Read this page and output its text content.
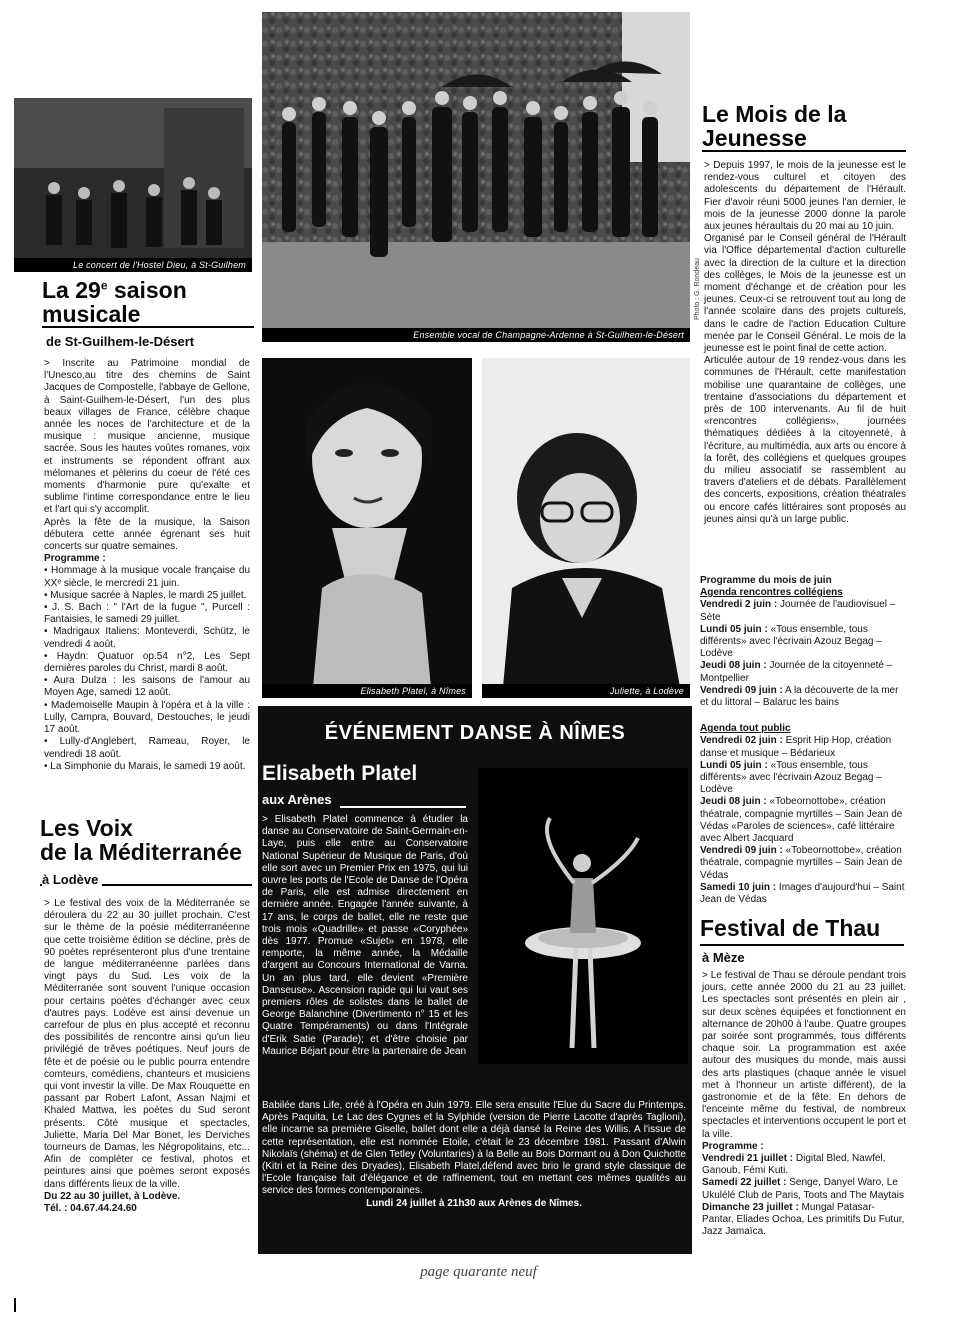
Ensemble vocal de Champagne-Ardenne à St-Guilhem-le-Désert
Photo : G. Rondeau
Le concert de l'Hostel Dieu, à St-Guilhem
La 29e saison
musicale
de St-Guilhem-le-Désert

> Inscrite au Patrimoine mondial de l'Unesco,au titre des chemins de Saint Jacques de Compostelle, l'abbaye de Gellone, à Saint-Guilhem-le-Désert, l'un des plus beaux villages de France, célèbre chaque année les noces de l'architecture et de la musique : musique ancienne, musique sacrée. Sous les hautes voûtes romanes, voix et instruments se répondent offrant aux mélomanes et pèlerins du coeur de l'été ces moments d'harmonie pure qu'exalte et sublime l'intime correspondance entre le lieu et l'art qui s'y accomplit.

Après la fête de la musique, la Saison débutera cette année égrenant ses huit concerts sur quatre semaines.

Programme :

• Hommage à la musique vocale française du XXᵉ siècle, le mercredi 21 juin.
• Musique sacrée à Naples, le mardi 25 juillet.
• J. S. Bach : " l'Art de la fugue ", Purcell : Fantaisies, le samedi 29 juillet.
• Madrigaux Italiens: Monteverdi, Schütz, le vendredi 4 août.
• Haydn: Quatuor op.54 n°2, Les Sept dernières paroles du Christ, mardi 8 août.
• Aura Dulza : les saisons de l'amour au Moyen Age, samedi 12 août.
• Mademoiselle Maupin à l'opéra et à la ville : Lully, Campra, Bouvard, Destouches, le jeudi 17 août.
• Lully-d'Anglebert, Rameau, Royer, le vendredi 18 août.
• La Simphonie du Marais, le samedi 19 août.
Les Voix
de la Méditerranée
à Lodève

> Le festival des voix de la Méditerranée se déroulera du 22 au 30 juillet prochain. C'est sur le thème de la poésie méditerranéenne que cette troisième édition se décline, près de 90 poètes représenteront plus d'une trentaine de langue méditerranéenne parlées dans vingt pays du Sud. Les voix de la Méditerranée sont souvent l'unique occasion pour certains poètes d'échanger avec ceux d'autres pays. Lodève est ainsi devenue un carrefour de plus en plus accepté et reconnu des possibilités de rencontre ainsi qu'un lieu privilégié de trêves poétiques. Neuf jours de fête et de poésie ou le public pourra entendre comteurs, comédiens, chanteurs et musiciens qui vont investir la ville. De Max Rouquette en passant par Robert Lafont, Assan Najmi et Khaled Mattwa, les poètes du Sud seront présents. Côté musique et spectacles, Juliette, Maria Del Mar Bonet, les Derviches tourneurs de Damas, les Négropolitains, etc... Afin de compléter ce festival, photos et peintures ainsi que poèmes seront exposés dans différents lieux de la ville.

Du 22 au 30 juillet, à Lodève.

Tél. : 04.67.44.24.60

Elisabeth Platel, à Nîmes	Juliette, à Lodève
ÉVÉNEMENT DANSE À NÎMES
Elisabeth Platel
aux Arènes

> Elisabeth Platel commence à étudier la danse au Conservatoire de Saint-Germain-en-Laye, puis elle entre au Conservatoire National Supérieur de Musique de Paris, d'où elle sort avec un Premier Prix en 1975, qui lui ouvre les ports de l'Ecole de Danse de l'Opéra de Paris, elle est admise directement en dernière année. Engagée l'année suivante, à 17 ans, le corps de ballet, elle ne reste que trois mois «Quadrille» et passe «Coryphée» dès 1977. Promue «Sujet» en 1978, elle remporte, la même année, la Médaille d'argent au Concours International de Varna. Un an plus tard, elle devient «Première Danseuse». Ascension rapide qui lui vaut ses premiers rôles de solistes dans le ballet de George Balanchine (Divertimento n° 15 et les Quatre Tempéraments) ou dans l'Intégrale d'Erik Satie (Parade); et d'être choisie par Maurice Béjart pour être la partenaire de Jean

Babilée dans Life, créé à l'Opéra en Juin 1979. Elle sera ensuite l'Elue du Sacre du Printemps. Après Paquita, Le Lac des Cygnes et la Sylphide (version de Pierre Lacotte d'après Taglioni), elle incarne sa première Giselle, ballet dont elle a déjà dansé la Reine des Willis. A l'issue de cette représentation, elle est nommée Etoile, c'était le 23 décembre 1981. Passant d'Alwin Nikolaïs (shéma) et de Glen Tetley (Voluntaries) à la Belle au Bois Dormant ou à Don Quichotte (Kitri et la Reine des Dryades), Elisabeth Platel,défend avec brio le grand style classique de l'Ecole française fait d'élégance et de raffinement, tout en mettant ces mêmes qualités au service des formes contemporaines.

Lundi 24 juillet à 21h30 aux Arènes de Nîmes.

Le Mois de la
Jeunesse

> Depuis 1997, le mois de la jeunesse est le rendez-vous culturel et citoyen des adolescents du département de l'Hérault. Fier d'avoir réuni 5000 jeunes l'an dernier, le mois de la jeunesse 2000 donne la parole aux jeunes héraultais du 20 mai au 10 juin.

Organisé par le Conseil général de l'Hérault via l'Office départemental d'action culturelle avec la direction de la culture et la direction des collèges, le Mois de la jeunesse est un moment d'échange et de création pour les jeunes. Ceux-ci se retrouvent tout au long de l'année scolaire dans des projets culturels, dans le cadre de l'action Education Culture menée par le Conseil Général. Le mois de la jeunesse est le point final de cette action.

Articulée autour de 19 rendez-vous dans les communes de l'Hérault, cette manifestation mobilise une quarantaine de collèges, une trentaine d'associations du département et près de 100 intervenants. Au fil de huit «rencontres collégiens», journées thématiques dédiées à la citoyenneté, à l'écriture, au multimédia, aux arts ou encore à la forêt, des collégiens et quelques groupes du milieu associatif se rassemblent au travers d'ateliers et de débats. Parallèlement des concerts, expositions, création théatrales ou encore cafés littéraires sont proposés au jeunes ainsi qu'à un large public.

Programme du mois de juin
Agenda rencontres collégiens
Vendredi 2 juin : Journée de l'audiovisuel – Sète
Lundi 05 juin : «Tous ensemble, tous différents» avec l'écrivain Azouz Begag – Lodève
Jeudi 08 juin : Journée de la citoyenneté – Montpellier
Vendredi 09 juin : A la découverte de la mer et du littoral – Balaruc les bains
Agenda tout public
Vendredi 02 juin : Esprit Hip Hop, création danse et musique – Bédarieux
Lundi 05 juin : «Tous ensemble, tous différents» avec l'écrivain Azouz Begag – Lodève
Jeudi 08 juin : «Tobeornottobe», création théatrale, compagnie myrtilles – Sain Jean de Védas «Paroles de sciences», café littéraire avec Albert Jacquard
Vendredi 09 juin : «Tobeornottobe», création théatrale, compagnie myrtilles – Sain Jean de Védas
Samedi 10 juin : Images d'aujourd'hui – Saint Jean de Védas
Festival de Thau
à Mèze

> Le festival de Thau se déroule pendant trois jours, cette année 2000 du 21 au 23 juillet. Les spectacles sont présentés en plein air , sur deux scènes équipées et fonctionnent en alternance de 20h00 à l'aube. Quatre groupes par soirée sont programmés, tous différents chaque soir. La programmation est axée autour des musiques du monde, mais aussi des arts plastiques (chaque année le visuel met à l'honneur un artiste différent), de la gastronomie et de la fête. En dehors de l'enceinte même du festival, de nombreux spectacles et interventions occupent le port et la ville.

Programme :

Vendredi 21 juillet : Digital Bled, Nawfel, Ganoub, Fémi Kuti.
Samedi 22 juillet : Senge, Danyel Waro, Le Ukulélé Club de Paris, Toots and The Maytais
Dimanche 23 juillet : Mungal Patasar-Pantar, Eliades Ochoa, Les primitifs Du Futur, Jazz Jamaïca.
page quarante neuf
